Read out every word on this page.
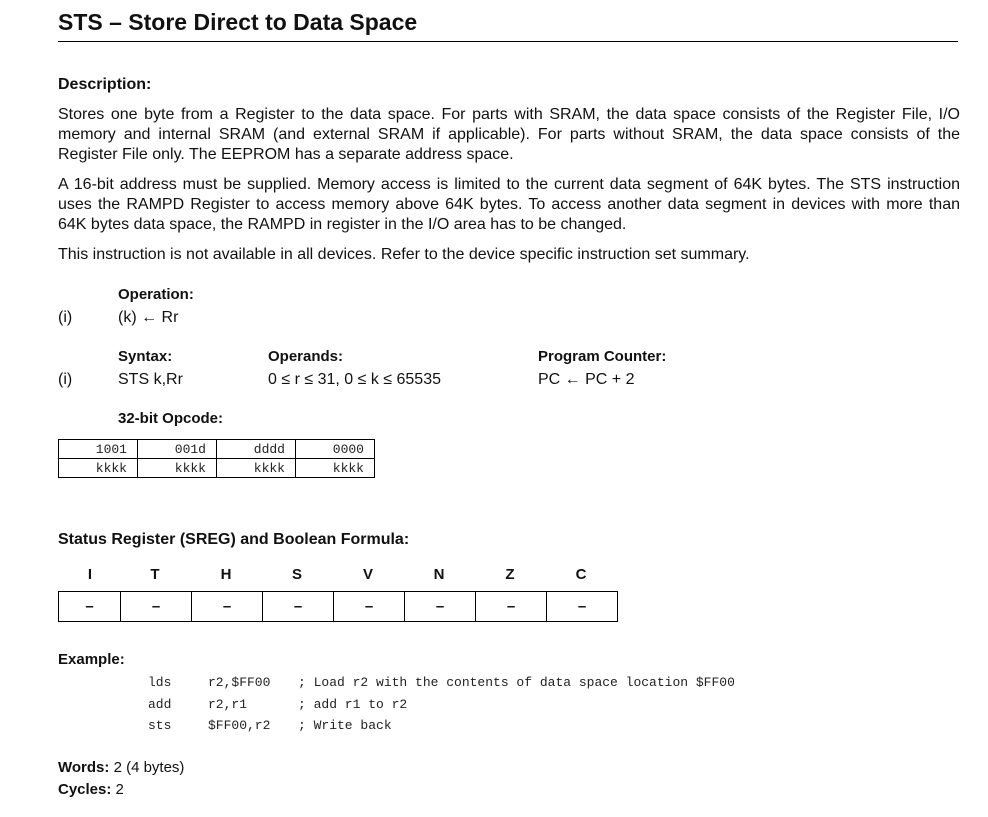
STS – Store Direct to Data Space
Description:

Stores one byte from a Register to the data space. For parts with SRAM, the data space consists of the Register File, I/O memory and internal SRAM (and external SRAM if applicable). For parts without SRAM, the data space consists of the Register File only. The EEPROM has a separate address space.

A 16-bit address must be supplied. Memory access is limited to the current data segment of 64K bytes. The STS instruction uses the RAMPD Register to access memory above 64K bytes. To access another data segment in devices with more than 64K bytes data space, the RAMPD in register in the I/O area has to be changed.

This instruction is not available in all devices. Refer to the device specific instruction set summary.

Operation:
(i)	(k) ← Rr
Syntax:	Operands:	Program Counter:
(i)	STS k,Rr	0 ≤ r ≤ 31, 0 ≤ k ≤ 65535	PC ← PC + 2
32-bit Opcode:
1001	001d	dddd	0000
kkkk	kkkk	kkkk	kkkk
Status Register (SREG) and Boolean Formula:
I	T	H	S	V	N	Z	C
–	–	–	–	–	–	–	–
Example:
lds	r2,$FF00 ; Load r2 with the contents of data space location $FF00
add	r2,r1	; add r1 to r2
sts	$FF00,r2 ; Write back
Words: 2 (4 bytes)
Cycles: 2
